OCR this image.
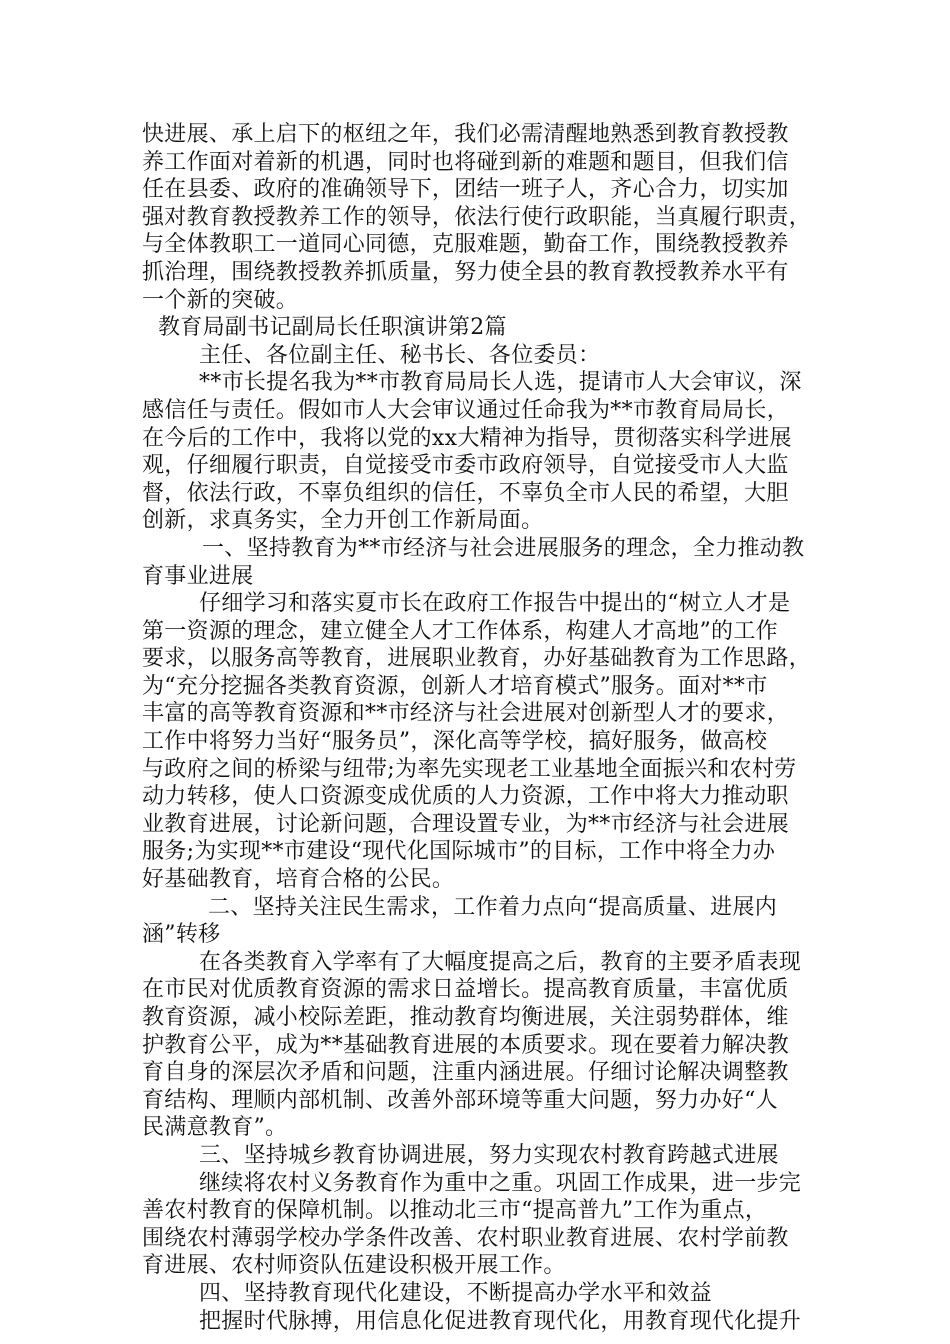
快进展、承上启下的枢纽之年，我们必需清醒地熟悉到教育教授教
养工作面对着新的机遇，同时也将碰到新的难题和题目，但我们信
任在县委、政府的准确领导下，团结一班子人，齐心合力，切实加
强对教育教授教养工作的领导，依法行使行政职能，当真履行职责，
与全体教职工一道同心同德，克服难题，勤奋工作，围绕教授教养
抓治理，围绕教授教养抓质量，努力使全县的教育教授教养水平有
一个新的突破。
教育局副书记副局长任职演讲第2篇
主任、各位副主任、秘书长、各位委员：
**市长提名我为**市教育局局长人选，提请市人大会审议，深
感信任与责任。假如市人大会审议通过任命我为**市教育局局长，
在今后的工作中，我将以党的xx大精神为指导，贯彻落实科学进展
观，仔细履行职责，自觉接受市委市政府领导，自觉接受市人大监
督，依法行政，不辜负组织的信任，不辜负全市人民的希望，大胆
创新，求真务实，全力开创工作新局面。
一、坚持教育为**市经济与社会进展服务的理念，全力推动教
育事业进展
仔细学习和落实夏市长在政府工作报告中提出的“树立人才是
第一资源的理念，建立健全人才工作体系，构建人才高地”的工作
要求，以服务高等教育，进展职业教育，办好基础教育为工作思路，
为“充分挖掘各类教育资源，创新人才培育模式”服务。面对**市
丰富的高等教育资源和**市经济与社会进展对创新型人才的要求，
工作中将努力当好“服务员”，深化高等学校，搞好服务，做高校
与政府之间的桥梁与纽带;为率先实现老工业基地全面振兴和农村劳
动力转移，使人口资源变成优质的人力资源，工作中将大力推动职
业教育进展，讨论新问题，合理设置专业，为**市经济与社会进展
服务;为实现**市建设“现代化国际城市”的目标，工作中将全力办
好基础教育，培育合格的公民。
二、坚持关注民生需求，工作着力点向“提高质量、进展内
涵”转移
在各类教育入学率有了大幅度提高之后，教育的主要矛盾表现
在市民对优质教育资源的需求日益增长。提高教育质量，丰富优质
教育资源，减小校际差距，推动教育均衡进展，关注弱势群体，维
护教育公平，成为**基础教育进展的本质要求。现在要着力解决教
育自身的深层次矛盾和问题，注重内涵进展。仔细讨论解决调整教
育结构、理顺内部机制、改善外部环境等重大问题，努力办好“人
民满意教育”。
三、坚持城乡教育协调进展，努力实现农村教育跨越式进展
继续将农村义务教育作为重中之重。巩固工作成果，进一步完
善农村教育的保障机制。以推动北三市“提高普九”工作为重点，
围绕农村薄弱学校办学条件改善、农村职业教育进展、农村学前教
育进展、农村师资队伍建设积极开展工作。
四、坚持教育现代化建设，不断提高办学水平和效益
把握时代脉搏，用信息化促进教育现代化，用教育现代化提升
